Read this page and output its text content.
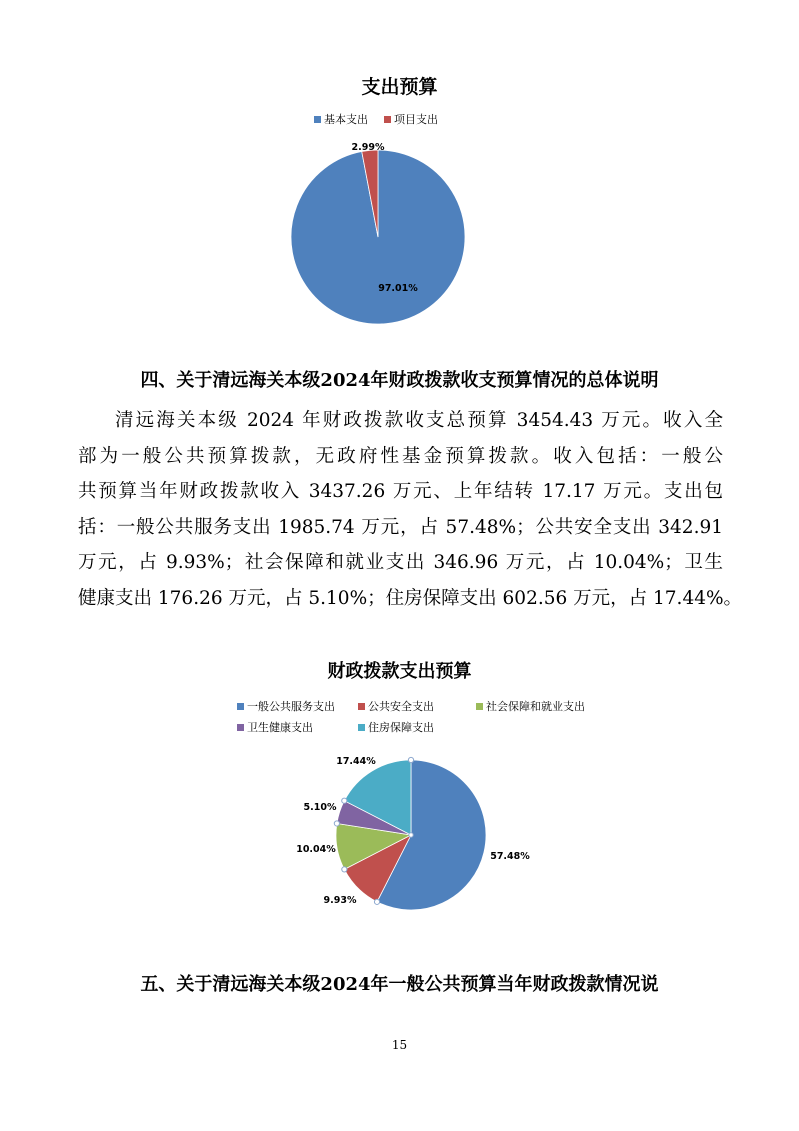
支出预算
基本支出 项目支出
97.01%
2.99%
四、关于清远海关本级2024年财政拨款收支预算情况的总体说明
清远海关本级 2024 年财政拨款收支总预算 3454.43 万元。收入全
部为一般公共预算拨款，无政府性基金预算拨款。收入包括：一般公
共预算当年财政拨款收入 3437.26 万元、上年结转 17.17 万元。支出包
括：一般公共服务支出 1985.74 万元，占 57.48%；公共安全支出 342.91
万元，占 9.93%；社会保障和就业支出 346.96 万元，占 10.04%；卫生
健康支出 176.26 万元，占 5.10%；住房保障支出 602.56 万元，占 17.44%。
财政拨款支出预算
一般公共服务支出	公共安全支出	社会保障和就业支出
卫生健康支出	住房保障支出
57.48%
9.93%
10.04%
5.10%
17.44%
五、关于清远海关本级2024年一般公共预算当年财政拨款情况说
15
